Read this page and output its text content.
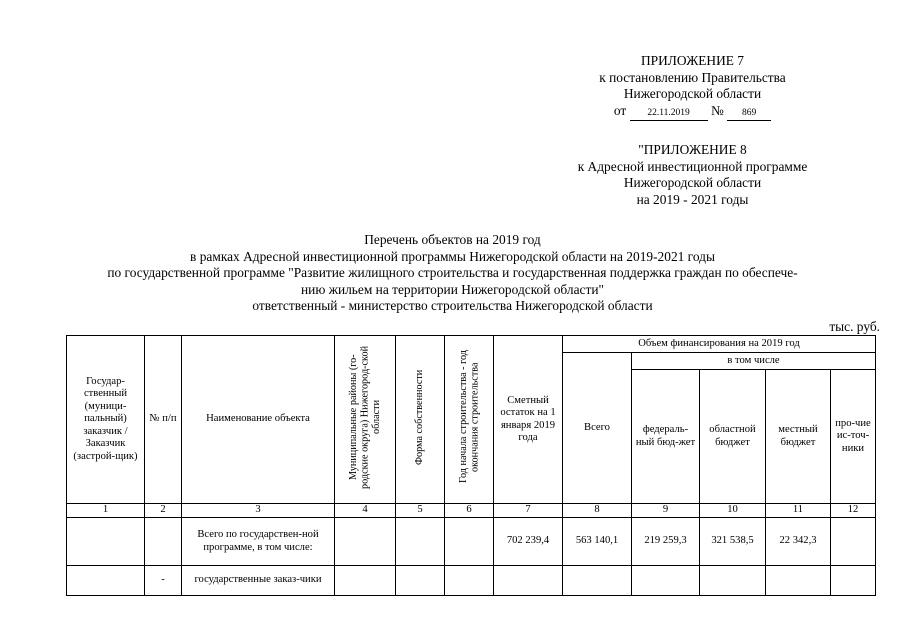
ПРИЛОЖЕНИЕ 7
к постановлению Правительства
Нижегородской области
от 22.11.2019 № 869
"ПРИЛОЖЕНИЕ 8
к Адресной инвестиционной программе
Нижегородской области
на 2019 - 2021 годы
Перечень объектов на 2019 год
в рамках Адресной инвестиционной программы Нижегородской области на 2019-2021 годы
по государственной программе "Развитие жилищного строительства и государственная поддержка граждан по обеспече-
нию жильем на территории Нижегородской области"
ответственный - министерство строительства Нижегородской области
тыс. руб.
Государ-ственный (муници-пальный) заказчик / Заказчик (застрой-щик)	№ п/п	Наименование объекта	Муниципальные районы (го-родские округа) Нижегород-ской области	Форма собственности	Год начала строительства - год окончания строительства	Сметный остаток на 1 января 2019 года	Объем финансирования на 2019 год				
							Всего	в том числе			
								федераль-ный бюд-жет	областной бюджет	местный бюджет	про-чие ис-точ-ники
1	2	3	4	5	6	7	8	9	10	11	12
		Всего по государствен-ной программе, в том числе:				702 239,4	563 140,1	219 259,3	321 538,5	22 342,3	
	-	государственные заказ-чики									
